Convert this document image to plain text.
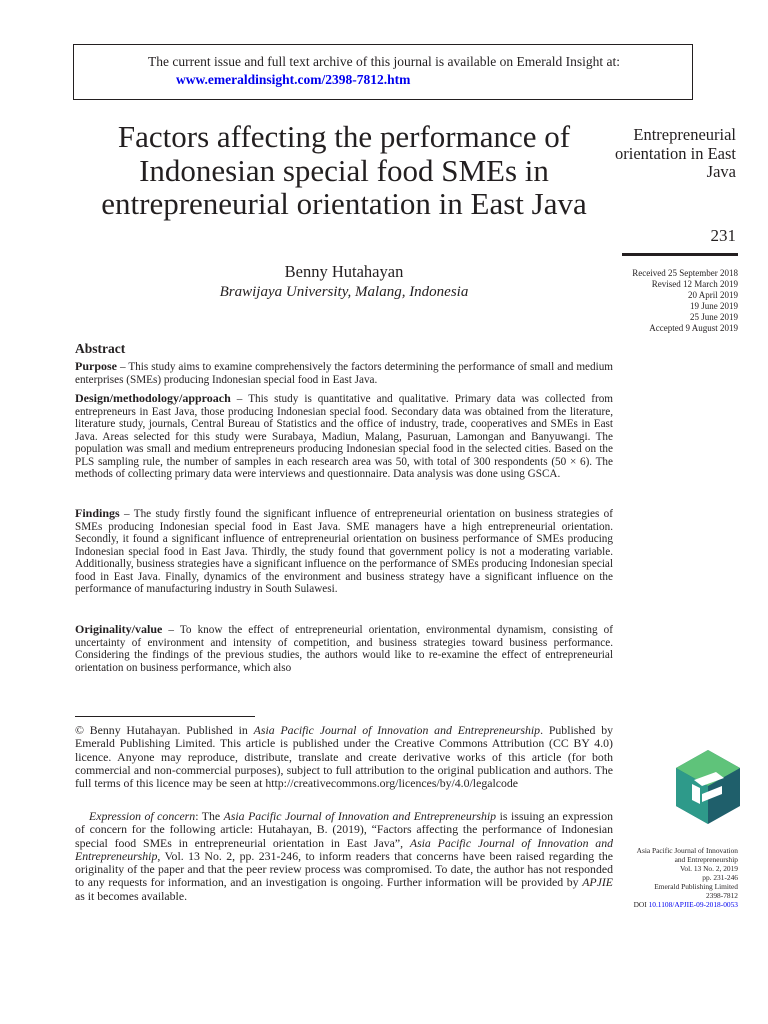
The current issue and full text archive of this journal is available on Emerald Insight at:
www.emeraldinsight.com/2398-7812.htm
Factors affecting the performance of Indonesian special food SMEs in entrepreneurial orientation in East Java
Benny Hutahayan
Brawijaya University, Malang, Indonesia
Entrepreneurial orientation in East Java
231
Received 25 September 2018
Revised 12 March 2019
20 April 2019
19 June 2019
25 June 2019
Accepted 9 August 2019
Abstract

Purpose – This study aims to examine comprehensively the factors determining the performance of small and medium enterprises (SMEs) producing Indonesian special food in East Java.

Design/methodology/approach – This study is quantitative and qualitative. Primary data was collected from entrepreneurs in East Java, those producing Indonesian special food. Secondary data was obtained from the literature, literature study, journals, Central Bureau of Statistics and the office of industry, trade, cooperatives and SMEs in East Java. Areas selected for this study were Surabaya, Madiun, Malang, Pasuruan, Lamongan and Banyuwangi. The population was small and medium entrepreneurs producing Indonesian special food in the selected cities. Based on the PLS sampling rule, the number of samples in each research area was 50, with total of 300 respondents (50 × 6). The methods of collecting primary data were interviews and questionnaire. Data analysis was done using GSCA.

Findings – The study firstly found the significant influence of entrepreneurial orientation on business strategies of SMEs producing Indonesian special food in East Java. SME managers have a high entrepreneurial orientation. Secondly, it found a significant influence of entrepreneurial orientation on business performance of SMEs producing Indonesian special food in East Java. Thirdly, the study found that government policy is not a moderating variable. Additionally, business strategies have a significant influence on the performance of SMEs producing Indonesian special food in East Java. Finally, dynamics of the environment and business strategy have a significant influence on the performance of manufacturing industry in South Sulawesi.

Originality/value – To know the effect of entrepreneurial orientation, environmental dynamism, consisting of uncertainty of environment and intensity of competition, and business strategies toward business performance. Considering the findings of the previous studies, the authors would like to re-examine the effect of entrepreneurial orientation on business performance, which also

© Benny Hutahayan. Published in Asia Pacific Journal of Innovation and Entrepreneurship. Published by Emerald Publishing Limited. This article is published under the Creative Commons Attribution (CC BY 4.0) licence. Anyone may reproduce, distribute, translate and create derivative works of this article (for both commercial and non-commercial purposes), subject to full attribution to the original publication and authors. The full terms of this licence may be seen at http://creativecommons.org/licences/by/4.0/legalcode

Expression of concern: The Asia Pacific Journal of Innovation and Entrepreneurship is issuing an expression of concern for the following article: Hutahayan, B. (2019), “Factors affecting the performance of Indonesian special food SMEs in entrepreneurial orientation in East Java”, Asia Pacific Journal of Innovation and Entrepreneurship, Vol. 13 No. 2, pp. 231-246, to inform readers that concerns have been raised regarding the originality of the paper and that the peer review process was compromised. To date, the author has not responded to any requests for information, and an investigation is ongoing. Further information will be provided by APJIE as it becomes available.

Asia Pacific Journal of Innovation
and Entrepreneurship
Vol. 13 No. 2, 2019
pp. 231-246
Emerald Publishing Limited
2398-7812
DOI 10.1108/APJIE-09-2018-0053
